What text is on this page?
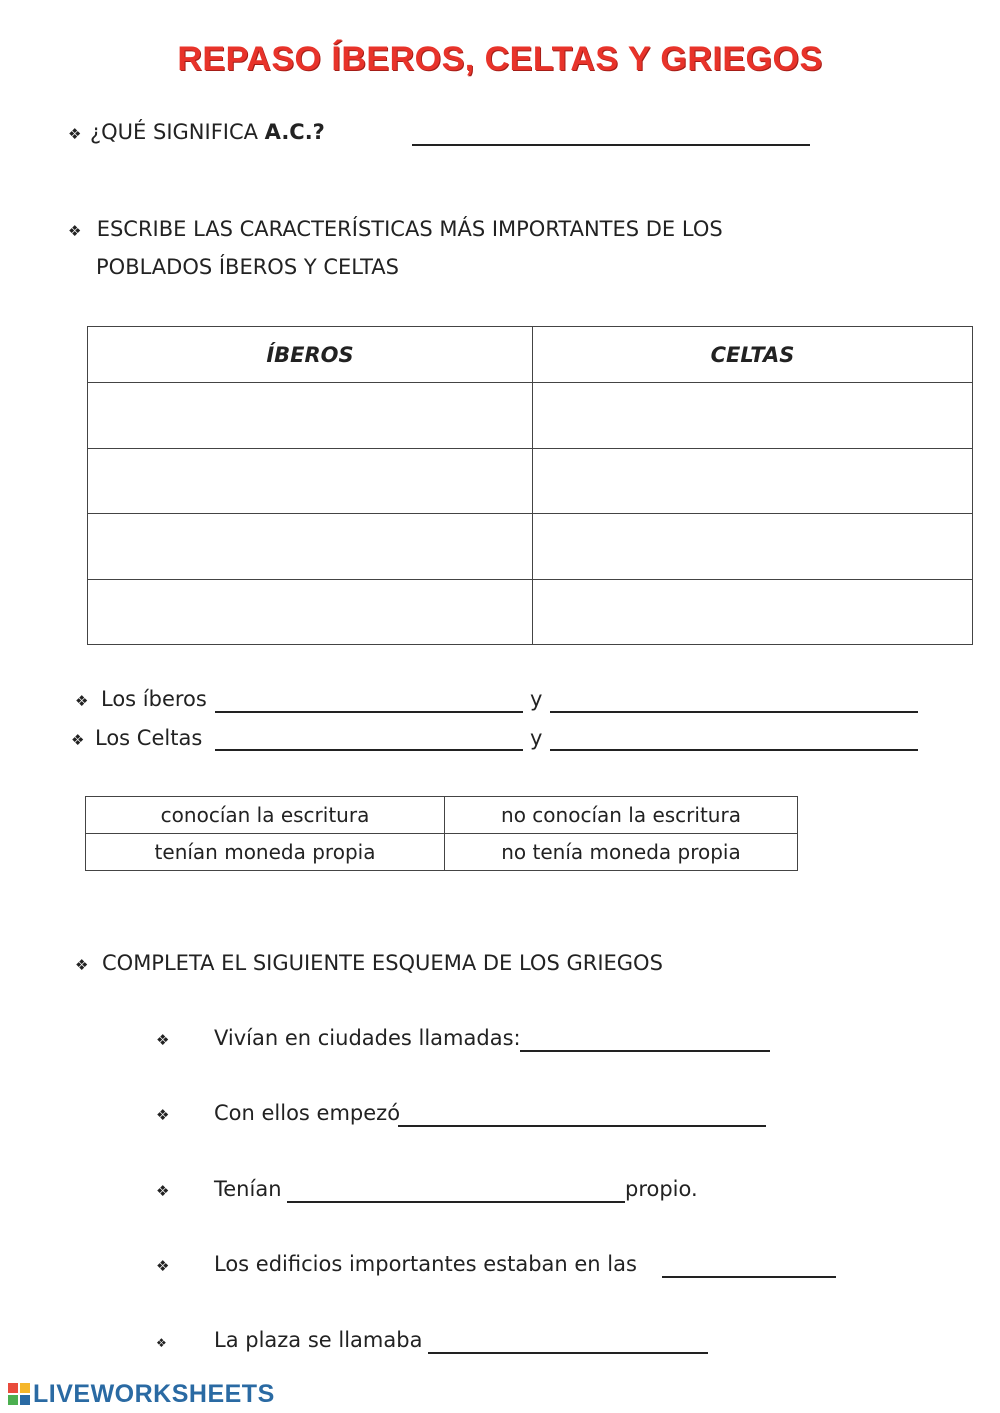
REPASO ÍBEROS, CELTAS Y GRIEGOS
❖ ¿QUÉ SIGNIFICA A.C.?
❖ ESCRIBE LAS CARACTERÍSTICAS MÁS IMPORTANTES DE LOS
POBLADOS ÍBEROS Y CELTAS
ÍBEROS	CELTAS

❖ Los íberos	y
❖ Los Celtas	y
conocían la escritura	no conocían la escritura
tenían moneda propia	no tenía moneda propia
❖ COMPLETA EL SIGUIENTE ESQUEMA DE LOS GRIEGOS
❖ Vivían en ciudades llamadas:
❖ Con ellos empezó
❖ Tenían	propio.
❖ Los edificios importantes estaban en las
❖ La plaza se llamaba
LIVEWORKSHEETS
